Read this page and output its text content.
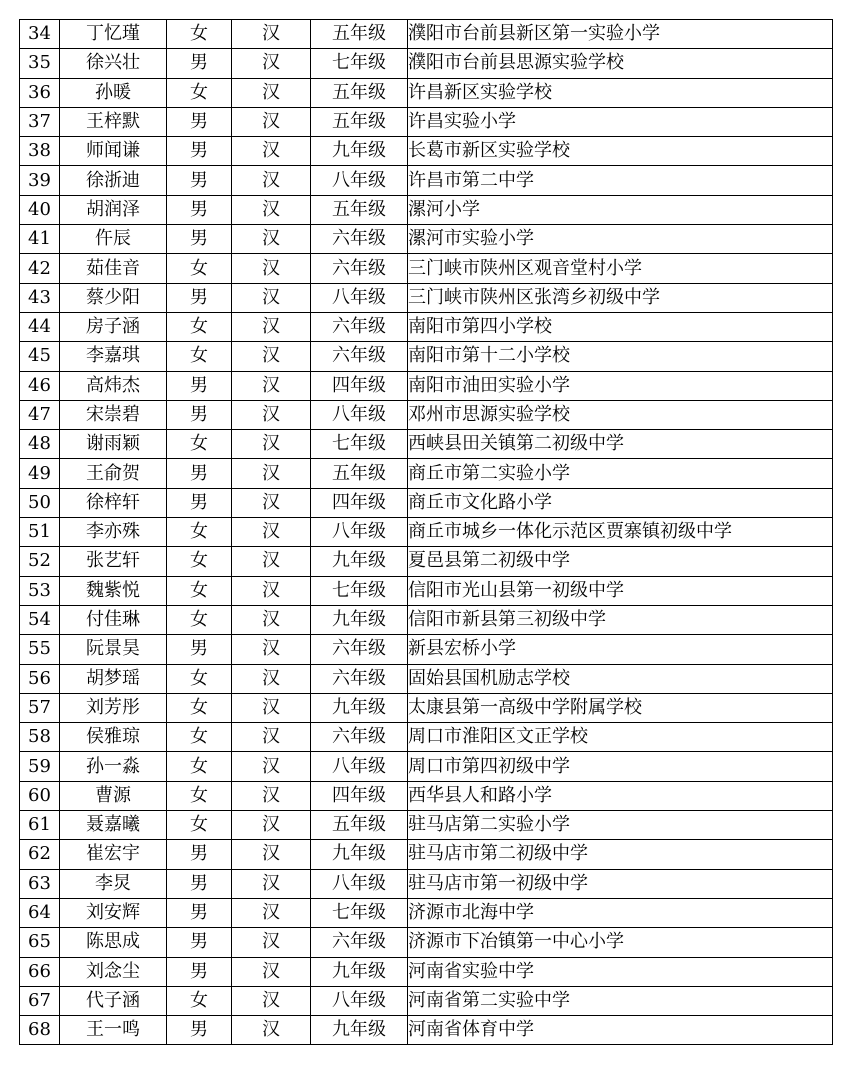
34	丁忆瑾	女	汉	五年级	濮阳市台前县新区第一实验小学
35	徐兴壮	男	汉	七年级	濮阳市台前县思源实验学校
36	孙暖	女	汉	五年级	许昌新区实验学校
37	王梓默	男	汉	五年级	许昌实验小学
38	师闻谦	男	汉	九年级	长葛市新区实验学校
39	徐浙迪	男	汉	八年级	许昌市第二中学
40	胡润泽	男	汉	五年级	漯河小学
41	仵辰	男	汉	六年级	漯河市实验小学
42	茹佳音	女	汉	六年级	三门峡市陕州区观音堂村小学
43	蔡少阳	男	汉	八年级	三门峡市陕州区张湾乡初级中学
44	房子涵	女	汉	六年级	南阳市第四小学校
45	李嘉琪	女	汉	六年级	南阳市第十二小学校
46	高炜杰	男	汉	四年级	南阳市油田实验小学
47	宋崇碧	男	汉	八年级	邓州市思源实验学校
48	谢雨颖	女	汉	七年级	西峡县田关镇第二初级中学
49	王俞贺	男	汉	五年级	商丘市第二实验小学
50	徐梓轩	男	汉	四年级	商丘市文化路小学
51	李亦殊	女	汉	八年级	商丘市城乡一体化示范区贾寨镇初级中学
52	张艺轩	女	汉	九年级	夏邑县第二初级中学
53	魏紫悦	女	汉	七年级	信阳市光山县第一初级中学
54	付佳琳	女	汉	九年级	信阳市新县第三初级中学
55	阮景昊	男	汉	六年级	新县宏桥小学
56	胡梦瑶	女	汉	六年级	固始县国机励志学校
57	刘芳彤	女	汉	九年级	太康县第一高级中学附属学校
58	侯雅琼	女	汉	六年级	周口市淮阳区文正学校
59	孙一淼	女	汉	八年级	周口市第四初级中学
60	曹源	女	汉	四年级	西华县人和路小学
61	聂嘉曦	女	汉	五年级	驻马店第二实验小学
62	崔宏宇	男	汉	九年级	驻马店市第二初级中学
63	李炅	男	汉	八年级	驻马店市第一初级中学
64	刘安辉	男	汉	七年级	济源市北海中学
65	陈思成	男	汉	六年级	济源市下冶镇第一中心小学
66	刘念尘	男	汉	九年级	河南省实验中学
67	代子涵	女	汉	八年级	河南省第二实验中学
68	王一鸣	男	汉	九年级	河南省体育中学
